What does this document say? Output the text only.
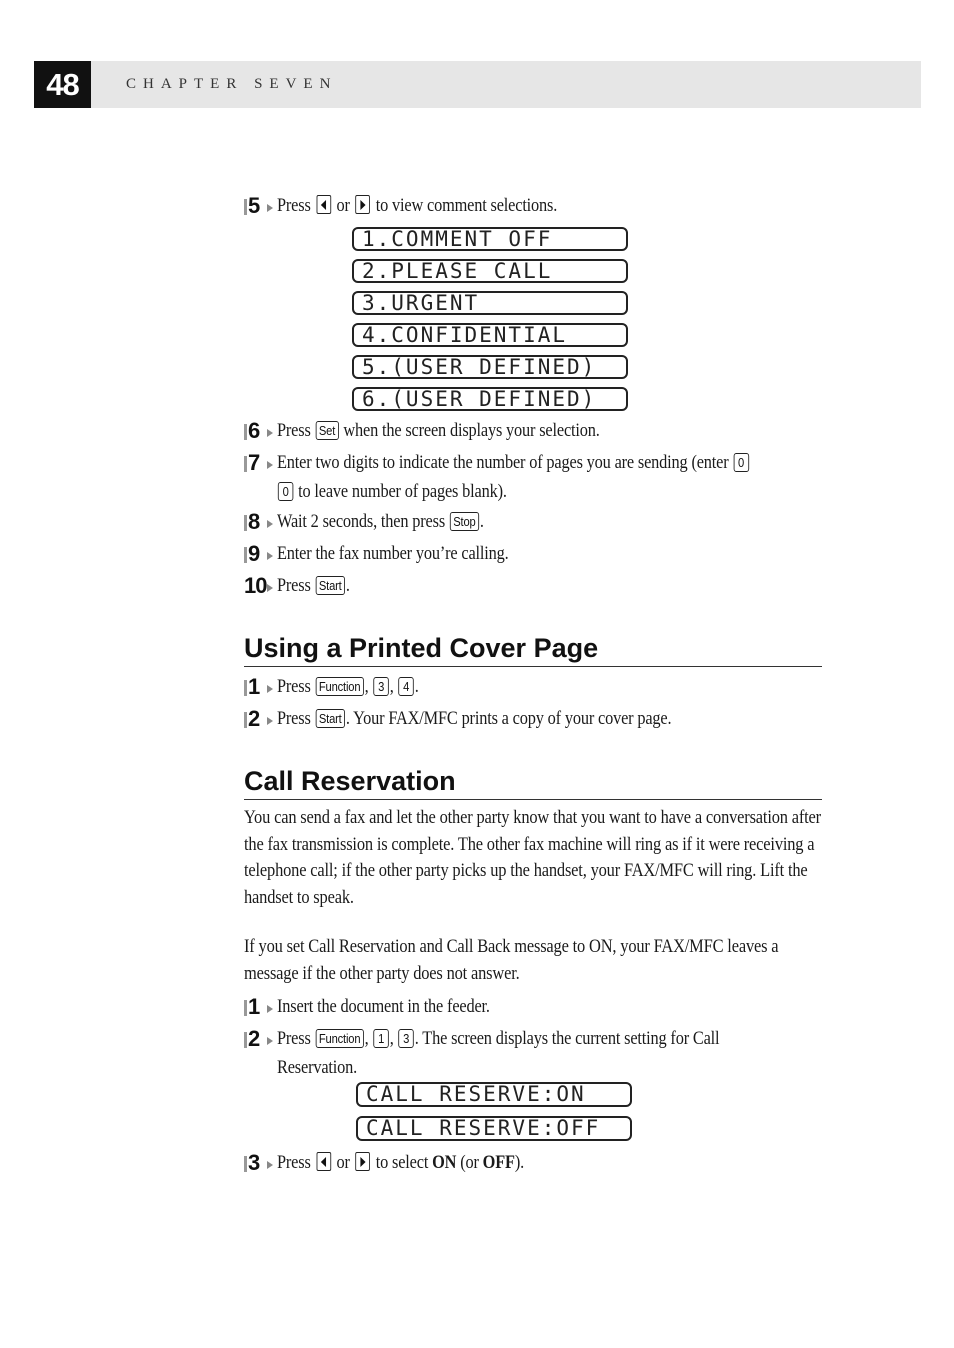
48	CHAPTER SEVEN
5 Press or to view comment selections.
1.COMMENT OFF
2.PLEASE CALL
3.URGENT
4.CONFIDENTIAL
5.(USER DEFINED)
6.(USER DEFINED)
6 Press Set when the screen displays your selection.
7 Enter two digits to indicate the number of pages you are sending (enter 0
0 to leave number of pages blank).
8 Wait 2 seconds, then press Stop .
9 Enter the fax number you’re calling.
10 Press Start .
Using a Printed Cover Page
1 Press Function , 3 , 4 .
2 Press Start . Your FAX/MFC prints a copy of your cover page.
Call Reservation
You can send a fax and let the other party know that you want to have a conversation after the fax transmission is complete. The other fax machine will ring as if it were receiving a telephone call; if the other party picks up the handset, your FAX/MFC will ring. Lift the handset to speak.
If you set Call Reservation and Call Back message to ON, your FAX/MFC leaves a message if the other party does not answer.
1 Insert the document in the feeder.
2 Press Function , 1 , 3 . The screen displays the current setting for Call Reservation.
CALL RESERVE:ON
CALL RESERVE:OFF
3 Press or to select ON (or OFF).
